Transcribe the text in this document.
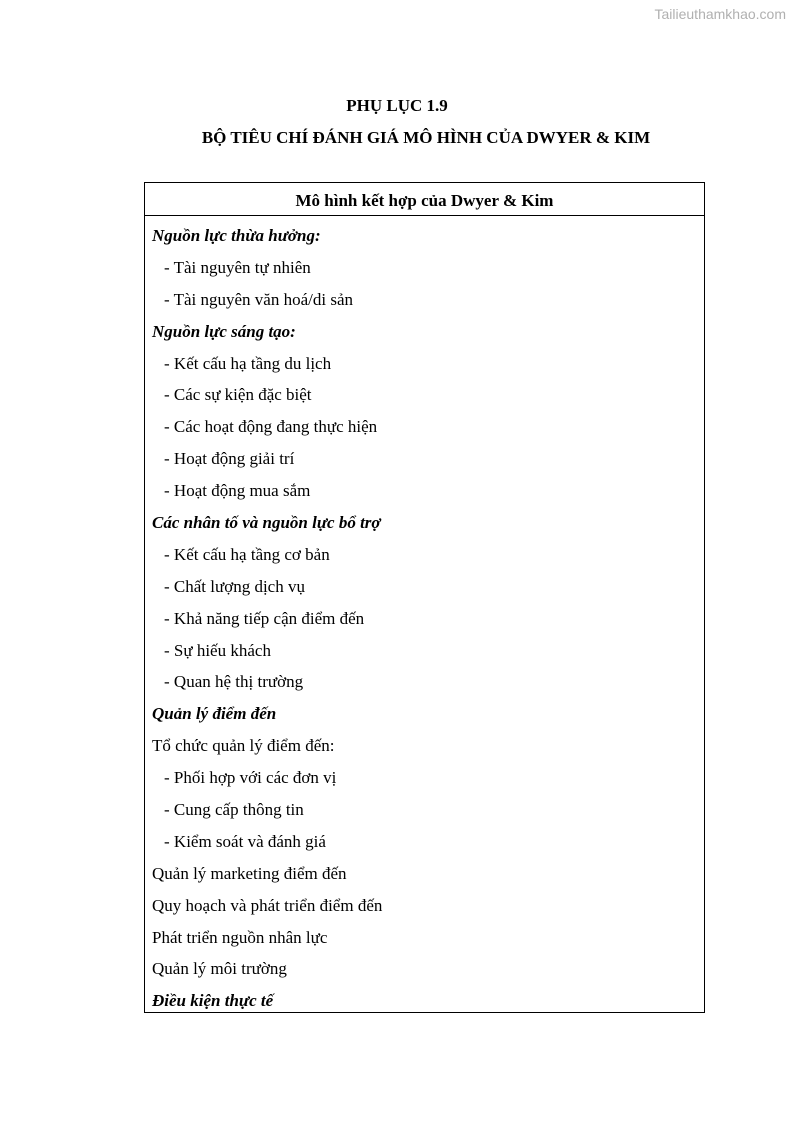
Tailieuthamkhao.com
PHỤ LỤC 1.9
BỘ TIÊU CHÍ ĐÁNH GIÁ MÔ HÌNH CỦA DWYER & KIM
Mô hình kết hợp của Dwyer & Kim
Nguồn lực thừa hưởng:
- Tài nguyên tự nhiên
- Tài nguyên văn hoá/di sản
Nguồn lực sáng tạo:
- Kết cấu hạ tầng du lịch
- Các sự kiện đặc biệt
- Các hoạt động đang thực hiện
- Hoạt động giải trí
- Hoạt động mua sắm
Các nhân tố và nguồn lực bổ trợ
- Kết cấu hạ tầng cơ bản
- Chất lượng dịch vụ
- Khả năng tiếp cận điểm đến
- Sự hiếu khách
- Quan hệ thị trường
Quản lý điểm đến
Tổ chức quản lý điểm đến:
- Phối hợp với các đơn vị
- Cung cấp thông tin
- Kiểm soát và đánh giá
Quản lý marketing điểm đến
Quy hoạch và phát triển điểm đến
Phát triển nguồn nhân lực
Quản lý môi trường
Điều kiện thực tế
